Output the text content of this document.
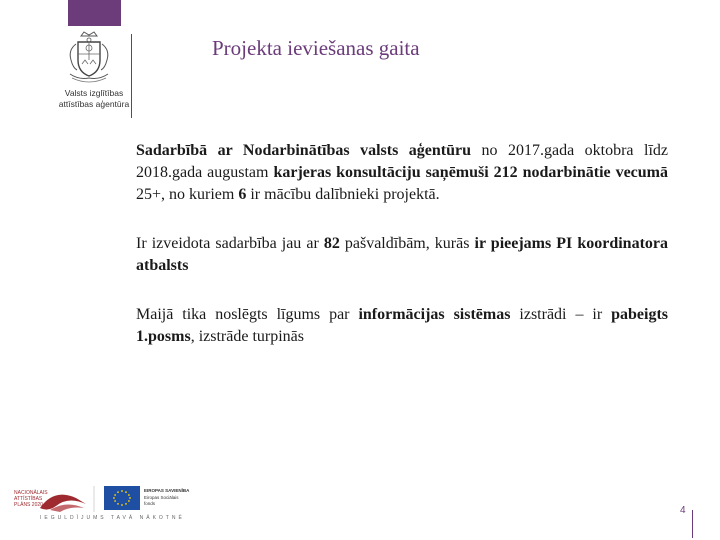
Valsts izglītības
attīstības aģentūra
Projekta ieviešanas gaita

Sadarbībā ar Nodarbinātības valsts aģentūru no 2017.gada oktobra līdz 2018.gada augustam karjeras konsultāciju saņēmuši 212 nodarbinātie vecumā 25+, no kuriem 6 ir mācību dalībnieki projektā.

Ir izveidota sadarbība jau ar 82 pašvaldībām, kurās ir pieejams PI koordinatora atbalsts

Maijā tika noslēgts līgums par informācijas sistēmas izstrādi – ir pabeigts 1.posms, izstrāde turpinās

NACIONĀLAIS
ATTĪSTĪBAS
PLĀNS 2020
EIROPAS SAVIENĪBA
Eiropas Sociālais
fonds
IEGULDĪJUMS TAVĀ NĀKOTNĒ
4
